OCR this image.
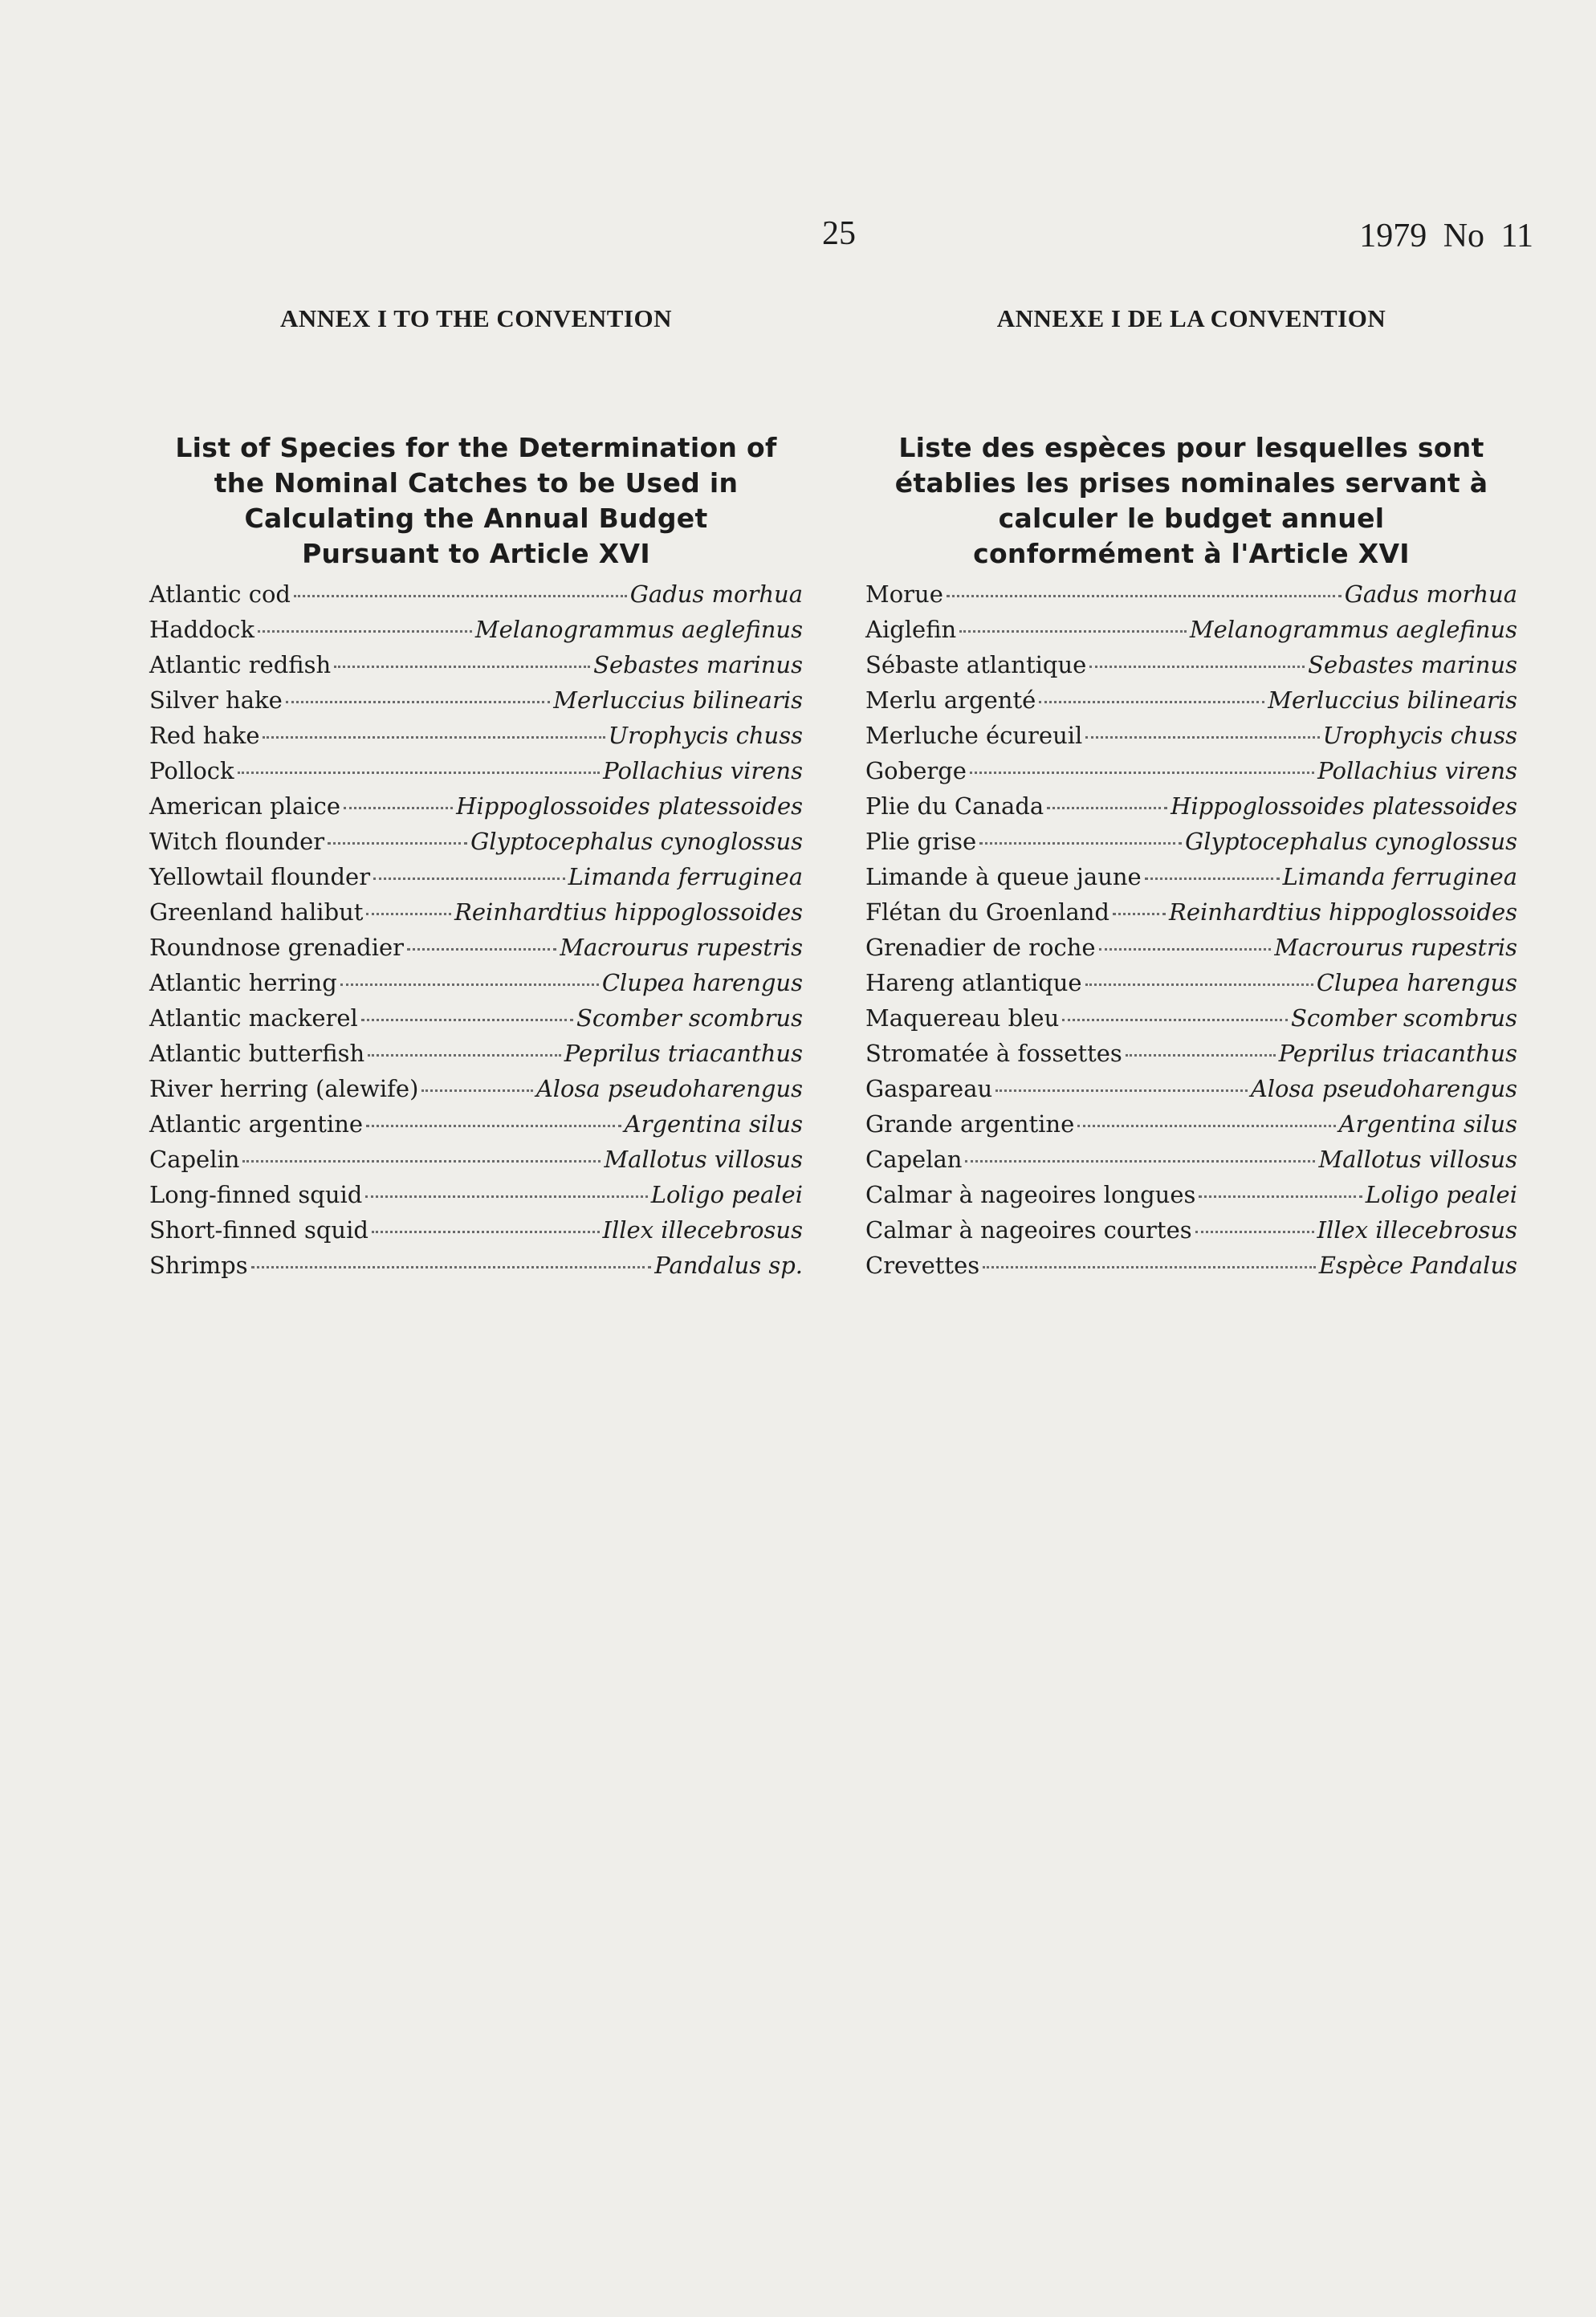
25	1979 No 11
ANNEX I TO THE CONVENTION
List of Species for the Determination of
the Nominal Catches to be Used in
Calculating the Annual Budget
Pursuant to Article XVI
Atlantic cod	Gadus morhua
Haddock	Melanogrammus aeglefinus
Atlantic redfish	Sebastes marinus
Silver hake	Merluccius bilinearis
Red hake	Urophycis chuss
Pollock	Pollachius virens
American plaice	Hippoglossoides platessoides
Witch flounder	Glyptocephalus cynoglossus
Yellowtail flounder	Limanda ferruginea
Greenland halibut	Reinhardtius hippoglossoides
Roundnose grenadier	Macrourus rupestris
Atlantic herring	Clupea harengus
Atlantic mackerel	Scomber scombrus
Atlantic butterfish	Peprilus triacanthus
River herring (alewife)	Alosa pseudoharengus
Atlantic argentine	Argentina silus
Capelin	Mallotus villosus
Long-finned squid	Loligo pealei
Short-finned squid	Illex illecebrosus
Shrimps	Pandalus sp.
ANNEXE I DE LA CONVENTION
Liste des espèces pour lesquelles sont
établies les prises nominales servant à
calculer le budget annuel
conformément à l'Article XVI
Morue	Gadus morhua
Aiglefin	Melanogrammus aeglefinus
Sébaste atlantique	Sebastes marinus
Merlu argenté	Merluccius bilinearis
Merluche écureuil	Urophycis chuss
Goberge	Pollachius virens
Plie du Canada	Hippoglossoides platessoides
Plie grise	Glyptocephalus cynoglossus
Limande à queue jaune	Limanda ferruginea
Flétan du Groenland	Reinhardtius hippoglossoides
Grenadier de roche	Macrourus rupestris
Hareng atlantique	Clupea harengus
Maquereau bleu	Scomber scombrus
Stromatée à fossettes	Peprilus triacanthus
Gaspareau	Alosa pseudoharengus
Grande argentine	Argentina silus
Capelan	Mallotus villosus
Calmar à nageoires longues	Loligo pealei
Calmar à nageoires courtes	Illex illecebrosus
Crevettes	Espèce Pandalus
